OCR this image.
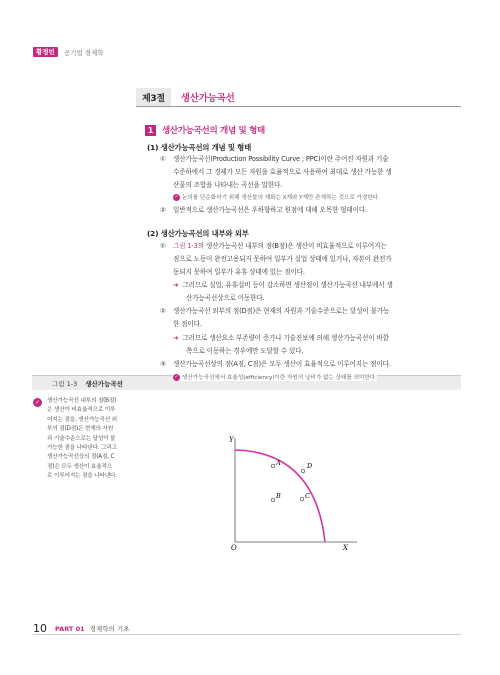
황정빈	공기업 경제학
제3절	생산가능곡선
1	생산가능곡선의 개념 및 형태
(1) 생산가능곡선의 개념 및 형태
①	생산가능곡선(Production Possibility Curve ; PPC)이란 주어진 자원과 기술
수준하에서 그 경제가 모든 자원을 효율적으로 사용하여 최대로 생산 가능한 생
산물의 조합을 나타내는 곡선을 말한다.
✓ 논의를 단순화하기 위해 생산물의 재화는 X재와 Y재만 존재하는 것으로 가정한다.
②	일반적으로 생산가능곡선은 우하향하고 원점에 대해 오목한 형태이다.
(2) 생산가능곡선의 내부와 외부
①	그림 1-3의 생산가능곡선 내부의 점(B점)은 생산이 비효율적으로 이루어지는
점으로 노동이 완전고용되지 못하여 일부가 실업 상태에 있거나, 자본이 완전가
동되지 못하여 일부가 유휴 상태에 있는 점이다.
➜ 그러므로 실업, 유휴설비 등이 감소하면 생산점이 생산가능곡선 내부에서 생
산가능곡선상으로 이동한다.
②	생산가능곡선 외부의 점(D점)은 현재의 자원과 기술수준으로는 달성이 불가능
한 점이다.
➜ 그러므로 생산요소 부존량이 증가나 기술진보에 의해 생산가능곡선이 바깥
쪽으로 이동하는 경우에만 도달할 수 있다.
③	생산가능곡선상의 점(A점, C점)은 모두 생산이 효율적으로 이루어지는 점이다.
✓ 생산가능곡선에서 효율성(efficiency)이란 자원의 낭비가 없는 상태를 의미한다.
그림 1-3 생산가능곡선
✓	생산가능곡선 내부의 점(B점)
은 생산이 비효율적으로 이루
어지는 점을, 생산가능곡선 외
부의 점(D점)은 현재의 자원
과 기술수준으로는 달성이 불
가능한 점을 나타낸다. 그리고
생산가능곡선상의 점(A점, C
점)은 모두 생산이 효율적으
로 이루어지는 점을 나타낸다.
Y
X
O
A	D
B	C
10 PART 01 경제학의 기초
